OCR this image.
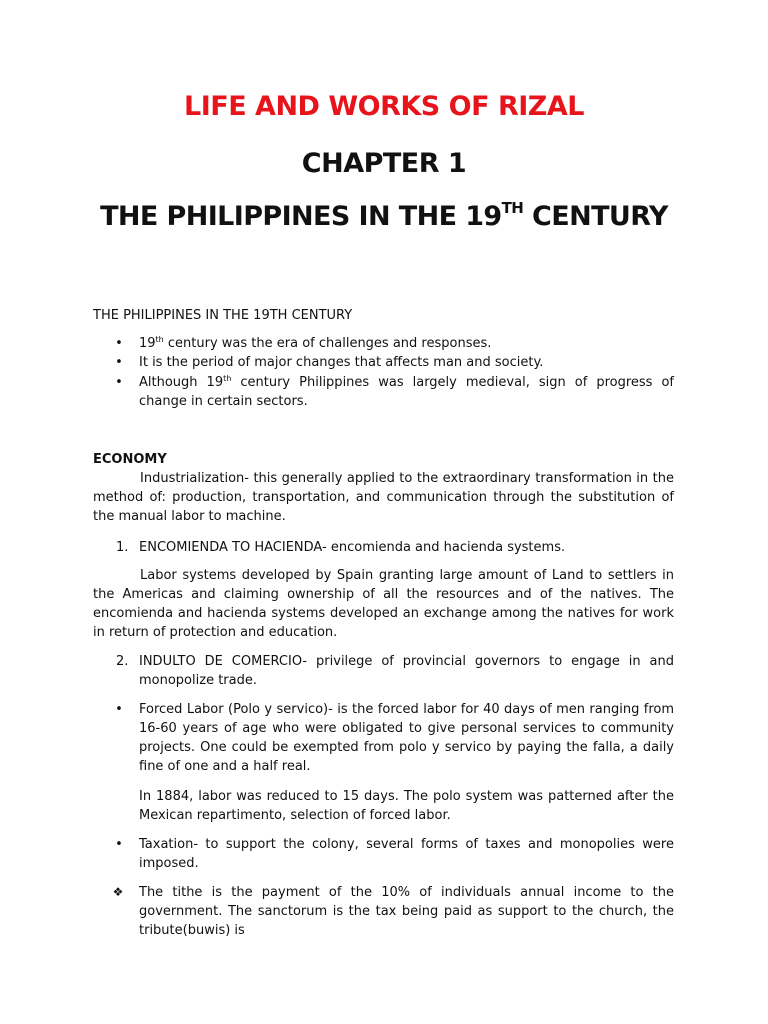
LIFE AND WORKS OF RIZAL
CHAPTER 1
THE PHILIPPINES IN THE 19TH CENTURY
THE PHILIPPINES IN THE 19TH CENTURY
• 19th century was the era of challenges and responses.
• It is the period of major changes that affects man and society.
• Although 19th century Philippines was largely medieval, sign of progress of change in certain sectors.
ECONOMY
Industrialization- this generally applied to the extraordinary transformation in the method of: production, transportation, and communication through the substitution of the manual labor to machine.
1. ENCOMIENDA TO HACIENDA- encomienda and hacienda systems.
Labor systems developed by Spain granting large amount of Land to settlers in the Americas and claiming ownership of all the resources and of the natives. The encomienda and hacienda systems developed an exchange among the natives for work in return of protection and education.
2. INDULTO DE COMERCIO- privilege of provincial governors to engage in and monopolize trade.
• Forced Labor (Polo y servico)- is the forced labor for 40 days of men ranging from 16-60 years of age who were obligated to give personal services to community projects. One could be exempted from polo y servico by paying the falla, a daily fine of one and a half real.
In 1884, labor was reduced to 15 days. The polo system was patterned after the Mexican repartimento, selection of forced labor.
• Taxation- to support the colony, several forms of taxes and monopolies were imposed.
❖ The tithe is the payment of the 10% of individuals annual income to the government. The sanctorum is the tax being paid as support to the church, the tribute(buwis) is
